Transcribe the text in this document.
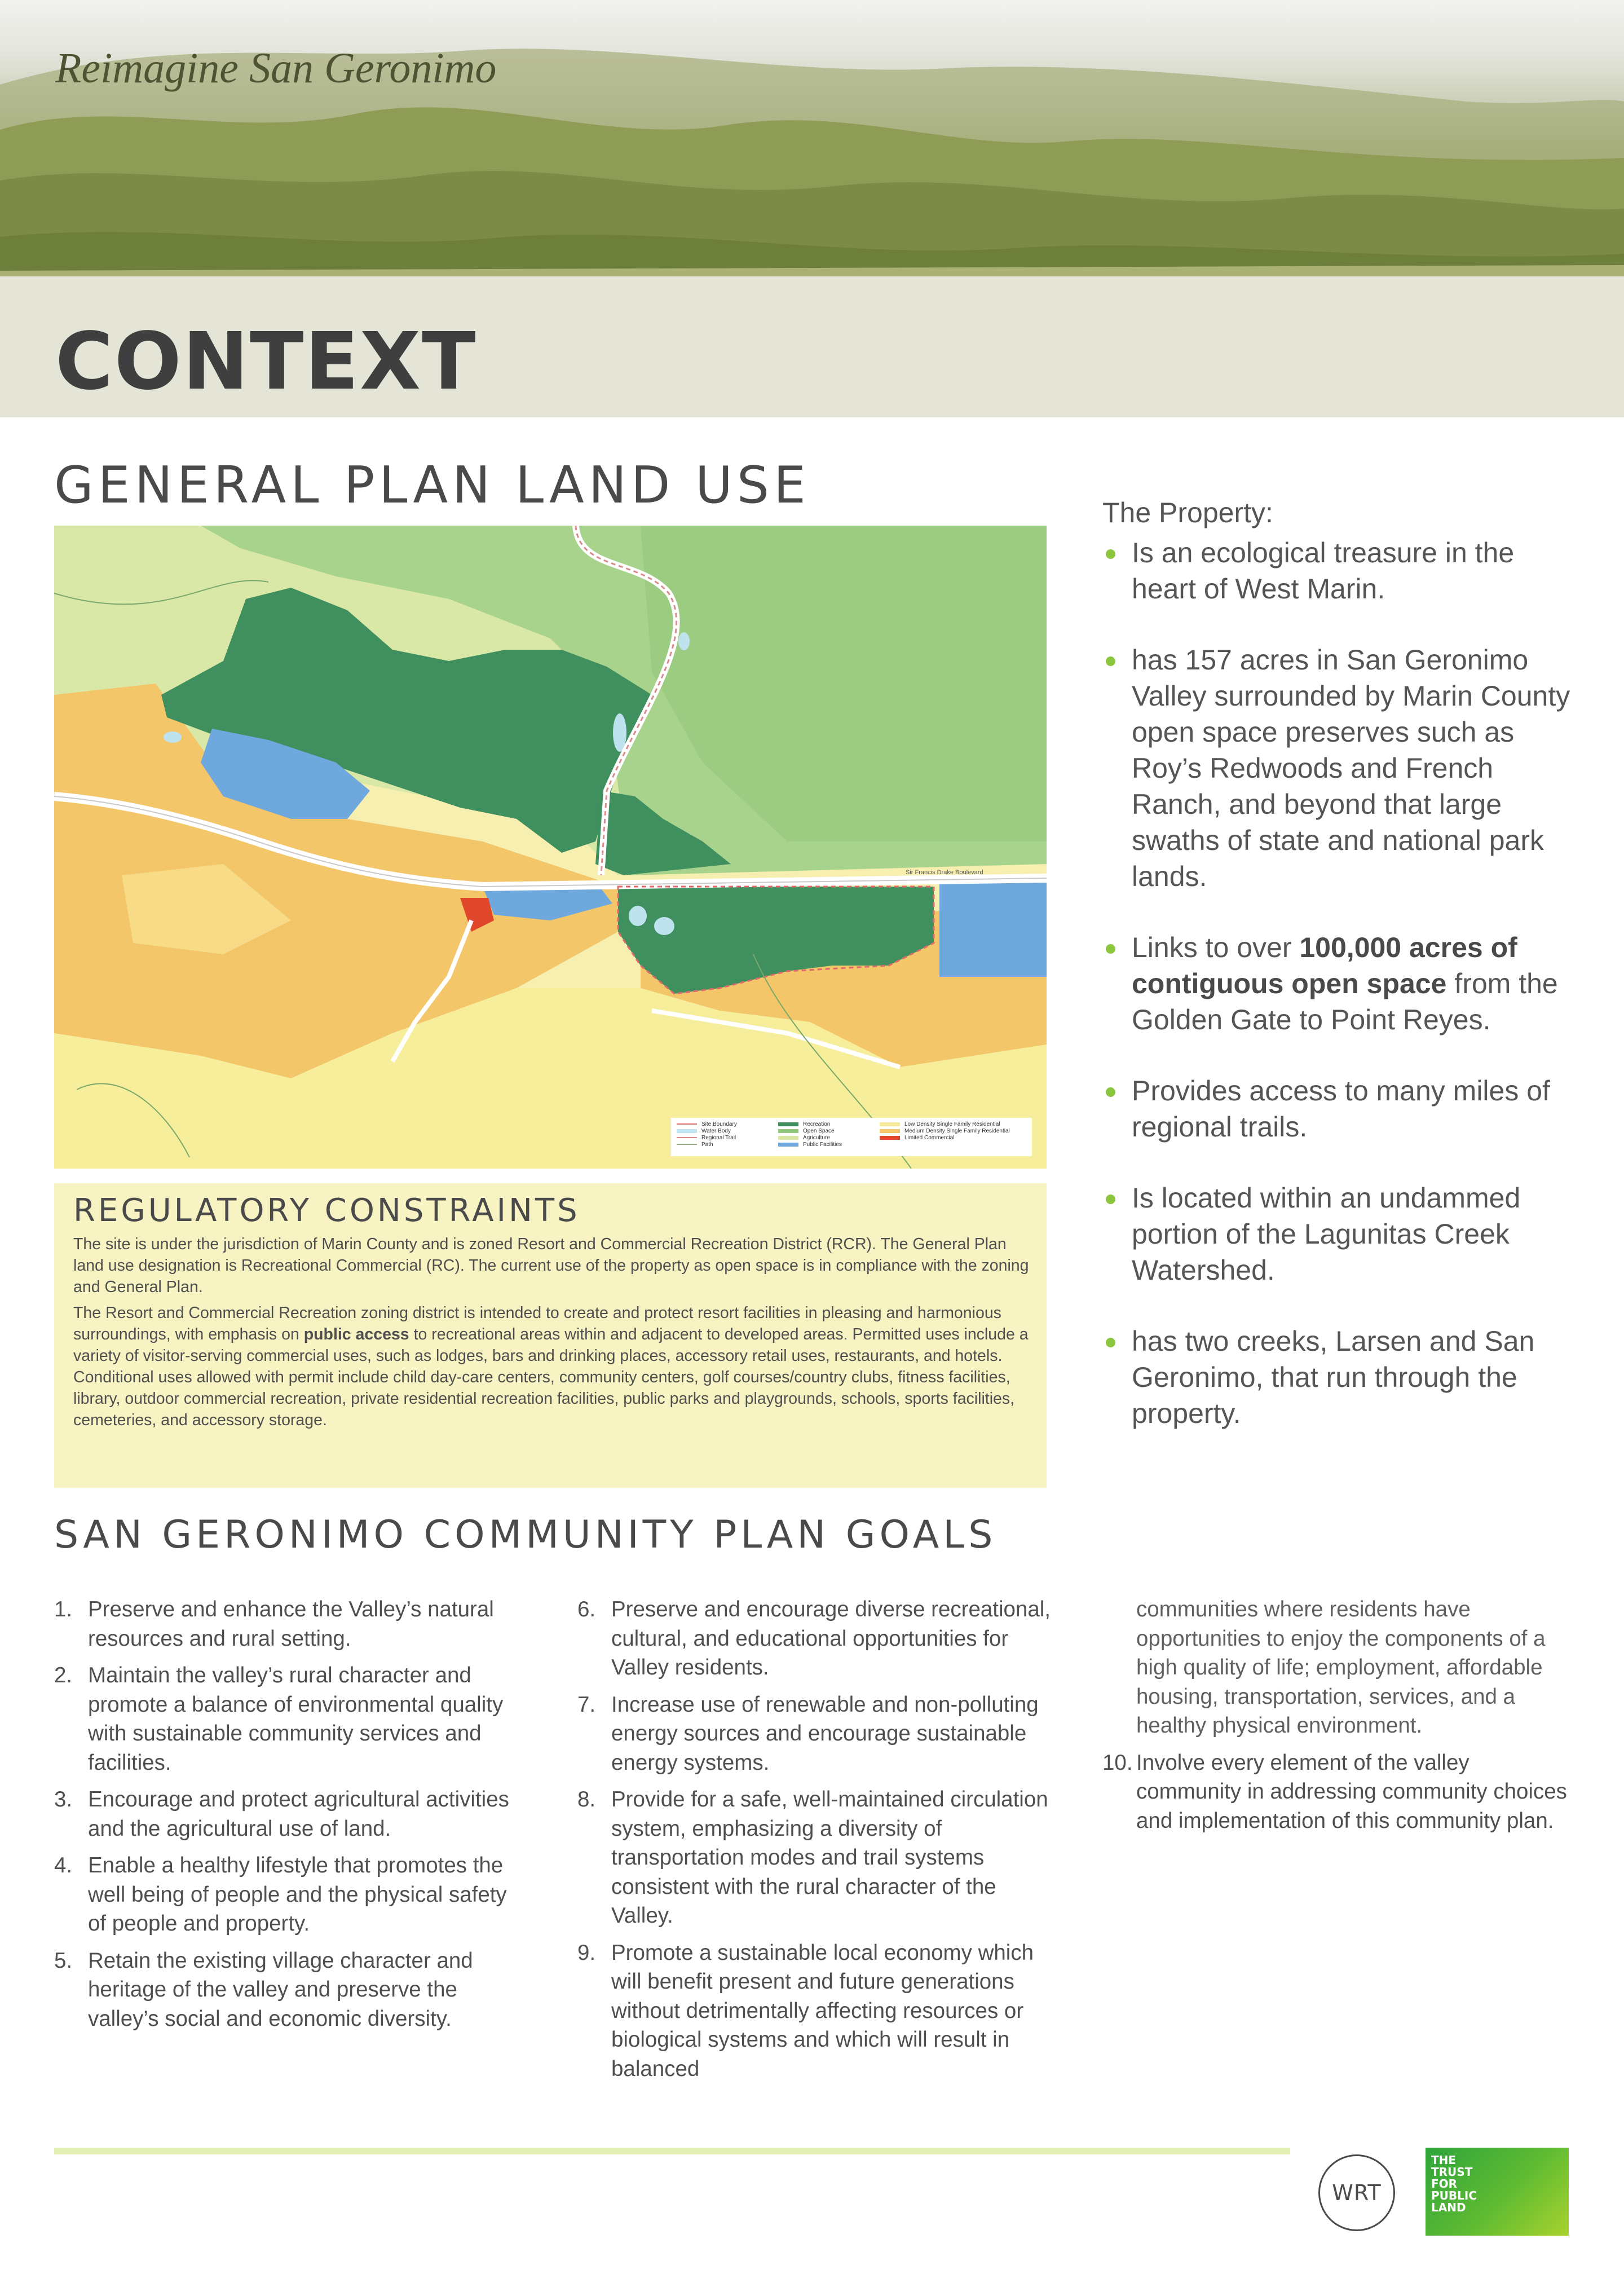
Reimagine San Geronimo
CONTEXT
GENERAL PLAN LAND USE
Sir Francis Drake Boulevard
Site Boundary
Water Body
Regional Trail
Path
Recreation
Open Space
Agriculture
Public Facilities
Low Density Single Family Residential
Medium Density Single Family Residential
Limited Commercial
REGULATORY CONSTRAINTS

The site is under the jurisdiction of Marin County and is zoned Resort and Commercial Recreation District (RCR). The General Plan land use designation is Recreational Commercial (RC). The current use of the property as open space is in compliance with the zoning and General Plan.

The Resort and Commercial Recreation zoning district is intended to create and protect resort facilities in pleasing and harmonious surroundings, with emphasis on public access to recreational areas within and adjacent to developed areas. Permitted uses include a variety of visitor-serving commercial uses, such as lodges, bars and drinking places, accessory retail uses, restaurants, and hotels. Conditional uses allowed with permit include child day-care centers, community centers, golf courses/country clubs, fitness facilities, library, outdoor commercial recreation, private residential recreation facilities, public parks and playgrounds, schools, sports facilities, cemeteries, and accessory storage.

The Property:
Is an ecological treasure in the heart of West Marin.
has 157 acres in San Geronimo Valley surrounded by Marin County open space preserves such as Roy’s Redwoods and French Ranch, and beyond that large swaths of state and national park lands.
Links to over 100,000 acres of contiguous open space from the Golden Gate to Point Reyes.
Provides access to many miles of regional trails.
Is located within an undammed portion of the Lagunitas Creek Watershed.
has two creeks, Larsen and San Geronimo, that run through the property.
SAN GERONIMO COMMUNITY PLAN GOALS
1. Preserve and enhance the Valley’s natural resources and rural setting.
2. Maintain the valley’s rural character and promote a balance of environmental quality with sustainable community services and facilities.
3. Encourage and protect agricultural activities and the agricultural use of land.
4. Enable a healthy lifestyle that promotes the well being of people and the physical safety of people and property.
5. Retain the existing village character and heritage of the valley and preserve the valley’s social and economic diversity.
6. Preserve and encourage diverse recreational, cultural, and educational opportunities for Valley residents.
7. Increase use of renewable and non-polluting energy sources and encourage sustainable energy systems.
8. Provide for a safe, well-maintained circulation system, emphasizing a diversity of transportation modes and trail systems consistent with the rural character of the Valley.
9. Promote a sustainable local economy which will benefit present and future generations without detrimentally affecting resources or biological systems and which will result in balanced
communities where residents have opportunities to enjoy the components of a high quality of life; employment, affordable housing, transportation, services, and a healthy physical environment.
10. Involve every element of the valley community in addressing community choices and implementation of this community plan.
WRT
THE
TRUST
FOR
PUBLIC
LAND
